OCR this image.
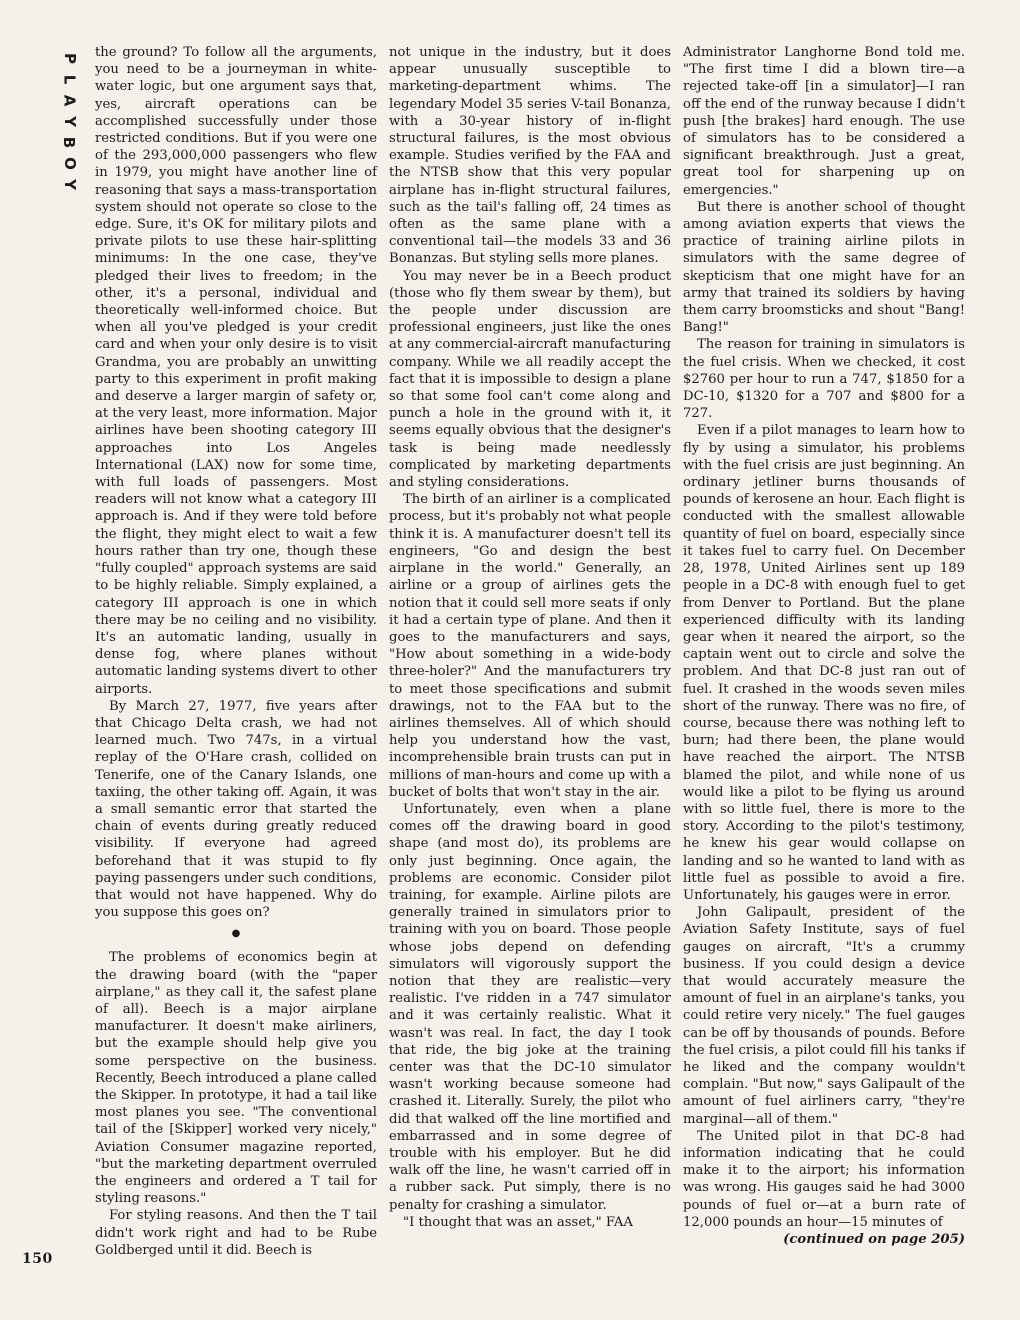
P
L
A
Y
B
O
Y
150

the ground? To follow all the arguments, you need to be a journeyman in white-water logic, but one argument says that, yes, aircraft operations can be accomplished successfully under those restricted conditions. But if you were one of the 293,000,000 passengers who flew in 1979, you might have another line of reasoning that says a mass-transportation system should not operate so close to the edge. Sure, it's OK for military pilots and private pilots to use these hair-splitting minimums: In the one case, they've pledged their lives to freedom; in the other, it's a personal, individual and theoretically well-informed choice. But when all you've pledged is your credit card and when your only desire is to visit Grandma, you are probably an unwitting party to this experiment in profit making and deserve a larger margin of safety or, at the very least, more information. Major airlines have been shooting category III approaches into Los Angeles International (LAX) now for some time, with full loads of passengers. Most readers will not know what a category III approach is. And if they were told before the flight, they might elect to wait a few hours rather than try one, though these "fully coupled" approach systems are said to be highly reliable. Simply explained, a category III approach is one in which there may be no ceiling and no visibility. It's an automatic landing, usually in dense fog, where planes without automatic landing systems divert to other airports.

By March 27, 1977, five years after that Chicago Delta crash, we had not learned much. Two 747s, in a virtual replay of the O'Hare crash, collided on Tenerife, one of the Canary Islands, one taxiing, the other taking off. Again, it was a small semantic error that started the chain of events during greatly reduced visibility. If everyone had agreed beforehand that it was stupid to fly paying passengers under such conditions, that would not have happened. Why do you suppose this goes on?

●

The problems of economics begin at the drawing board (with the "paper airplane," as they call it, the safest plane of all). Beech is a major airplane manufacturer. It doesn't make airliners, but the example should help give you some perspective on the business. Recently, Beech introduced a plane called the Skipper. In prototype, it had a tail like most planes you see. "The conventional tail of the [Skipper] worked very nicely," Aviation Consumer magazine reported, "but the marketing department overruled the engineers and ordered a T tail for styling reasons."

For styling reasons. And then the T tail didn't work right and had to be Rube Goldberged until it did. Beech is

not unique in the industry, but it does appear unusually susceptible to marketing-department whims. The legendary Model 35 series V-tail Bonanza, with a 30-year history of in-flight structural failures, is the most obvious example. Studies verified by the FAA and the NTSB show that this very popular airplane has in-flight structural failures, such as the tail's falling off, 24 times as often as the same plane with a conventional tail—the models 33 and 36 Bonanzas. But styling sells more planes.

You may never be in a Beech product (those who fly them swear by them), but the people under discussion are professional engineers, just like the ones at any commercial-aircraft manufacturing company. While we all readily accept the fact that it is impossible to design a plane so that some fool can't come along and punch a hole in the ground with it, it seems equally obvious that the designer's task is being made needlessly complicated by marketing departments and styling considerations.

The birth of an airliner is a complicated process, but it's probably not what people think it is. A manufacturer doesn't tell its engineers, "Go and design the best airplane in the world." Generally, an airline or a group of airlines gets the notion that it could sell more seats if only it had a certain type of plane. And then it goes to the manufacturers and says, "How about something in a wide-body three-holer?" And the manufacturers try to meet those specifications and submit drawings, not to the FAA but to the airlines themselves. All of which should help you understand how the vast, incomprehensible brain trusts can put in millions of man-hours and come up with a bucket of bolts that won't stay in the air.

Unfortunately, even when a plane comes off the drawing board in good shape (and most do), its problems are only just beginning. Once again, the problems are economic. Consider pilot training, for example. Airline pilots are generally trained in simulators prior to training with you on board. Those people whose jobs depend on defending simulators will vigorously support the notion that they are realistic—very realistic. I've ridden in a 747 simulator and it was certainly realistic. What it wasn't was real. In fact, the day I took that ride, the big joke at the training center was that the DC-10 simulator wasn't working because someone had crashed it. Literally. Surely, the pilot who did that walked off the line mortified and embarrassed and in some degree of trouble with his employer. But he did walk off the line, he wasn't carried off in a rubber sack. Put simply, there is no penalty for crashing a simulator.

"I thought that was an asset," FAA

Administrator Langhorne Bond told me. "The first time I did a blown tire—a rejected take-off [in a simulator]—I ran off the end of the runway because I didn't push [the brakes] hard enough. The use of simulators has to be considered a significant breakthrough. Just a great, great tool for sharpening up on emergencies."

But there is another school of thought among aviation experts that views the practice of training airline pilots in simulators with the same degree of skepticism that one might have for an army that trained its soldiers by having them carry broomsticks and shout "Bang! Bang!"

The reason for training in simulators is the fuel crisis. When we checked, it cost $2760 per hour to run a 747, $1850 for a DC-10, $1320 for a 707 and $800 for a 727.

Even if a pilot manages to learn how to fly by using a simulator, his problems with the fuel crisis are just beginning. An ordinary jetliner burns thousands of pounds of kerosene an hour. Each flight is conducted with the smallest allowable quantity of fuel on board, especially since it takes fuel to carry fuel. On December 28, 1978, United Airlines sent up 189 people in a DC-8 with enough fuel to get from Denver to Portland. But the plane experienced difficulty with its landing gear when it neared the airport, so the captain went out to circle and solve the problem. And that DC-8 just ran out of fuel. It crashed in the woods seven miles short of the runway. There was no fire, of course, because there was nothing left to burn; had there been, the plane would have reached the airport. The NTSB blamed the pilot, and while none of us would like a pilot to be flying us around with so little fuel, there is more to the story. According to the pilot's testimony, he knew his gear would collapse on landing and so he wanted to land with as little fuel as possible to avoid a fire. Unfortunately, his gauges were in error.

John Galipault, president of the Aviation Safety Institute, says of fuel gauges on aircraft, "It's a crummy business. If you could design a device that would accurately measure the amount of fuel in an airplane's tanks, you could retire very nicely." The fuel gauges can be off by thousands of pounds. Before the fuel crisis, a pilot could fill his tanks if he liked and the company wouldn't complain. "But now," says Galipault of the amount of fuel airliners carry, "they're marginal—all of them."

The United pilot in that DC-8 had information indicating that he could make it to the airport; his information was wrong. His gauges said he had 3000 pounds of fuel or—at a burn rate of 12,000 pounds an hour—15 minutes of

(continued on page 205)
